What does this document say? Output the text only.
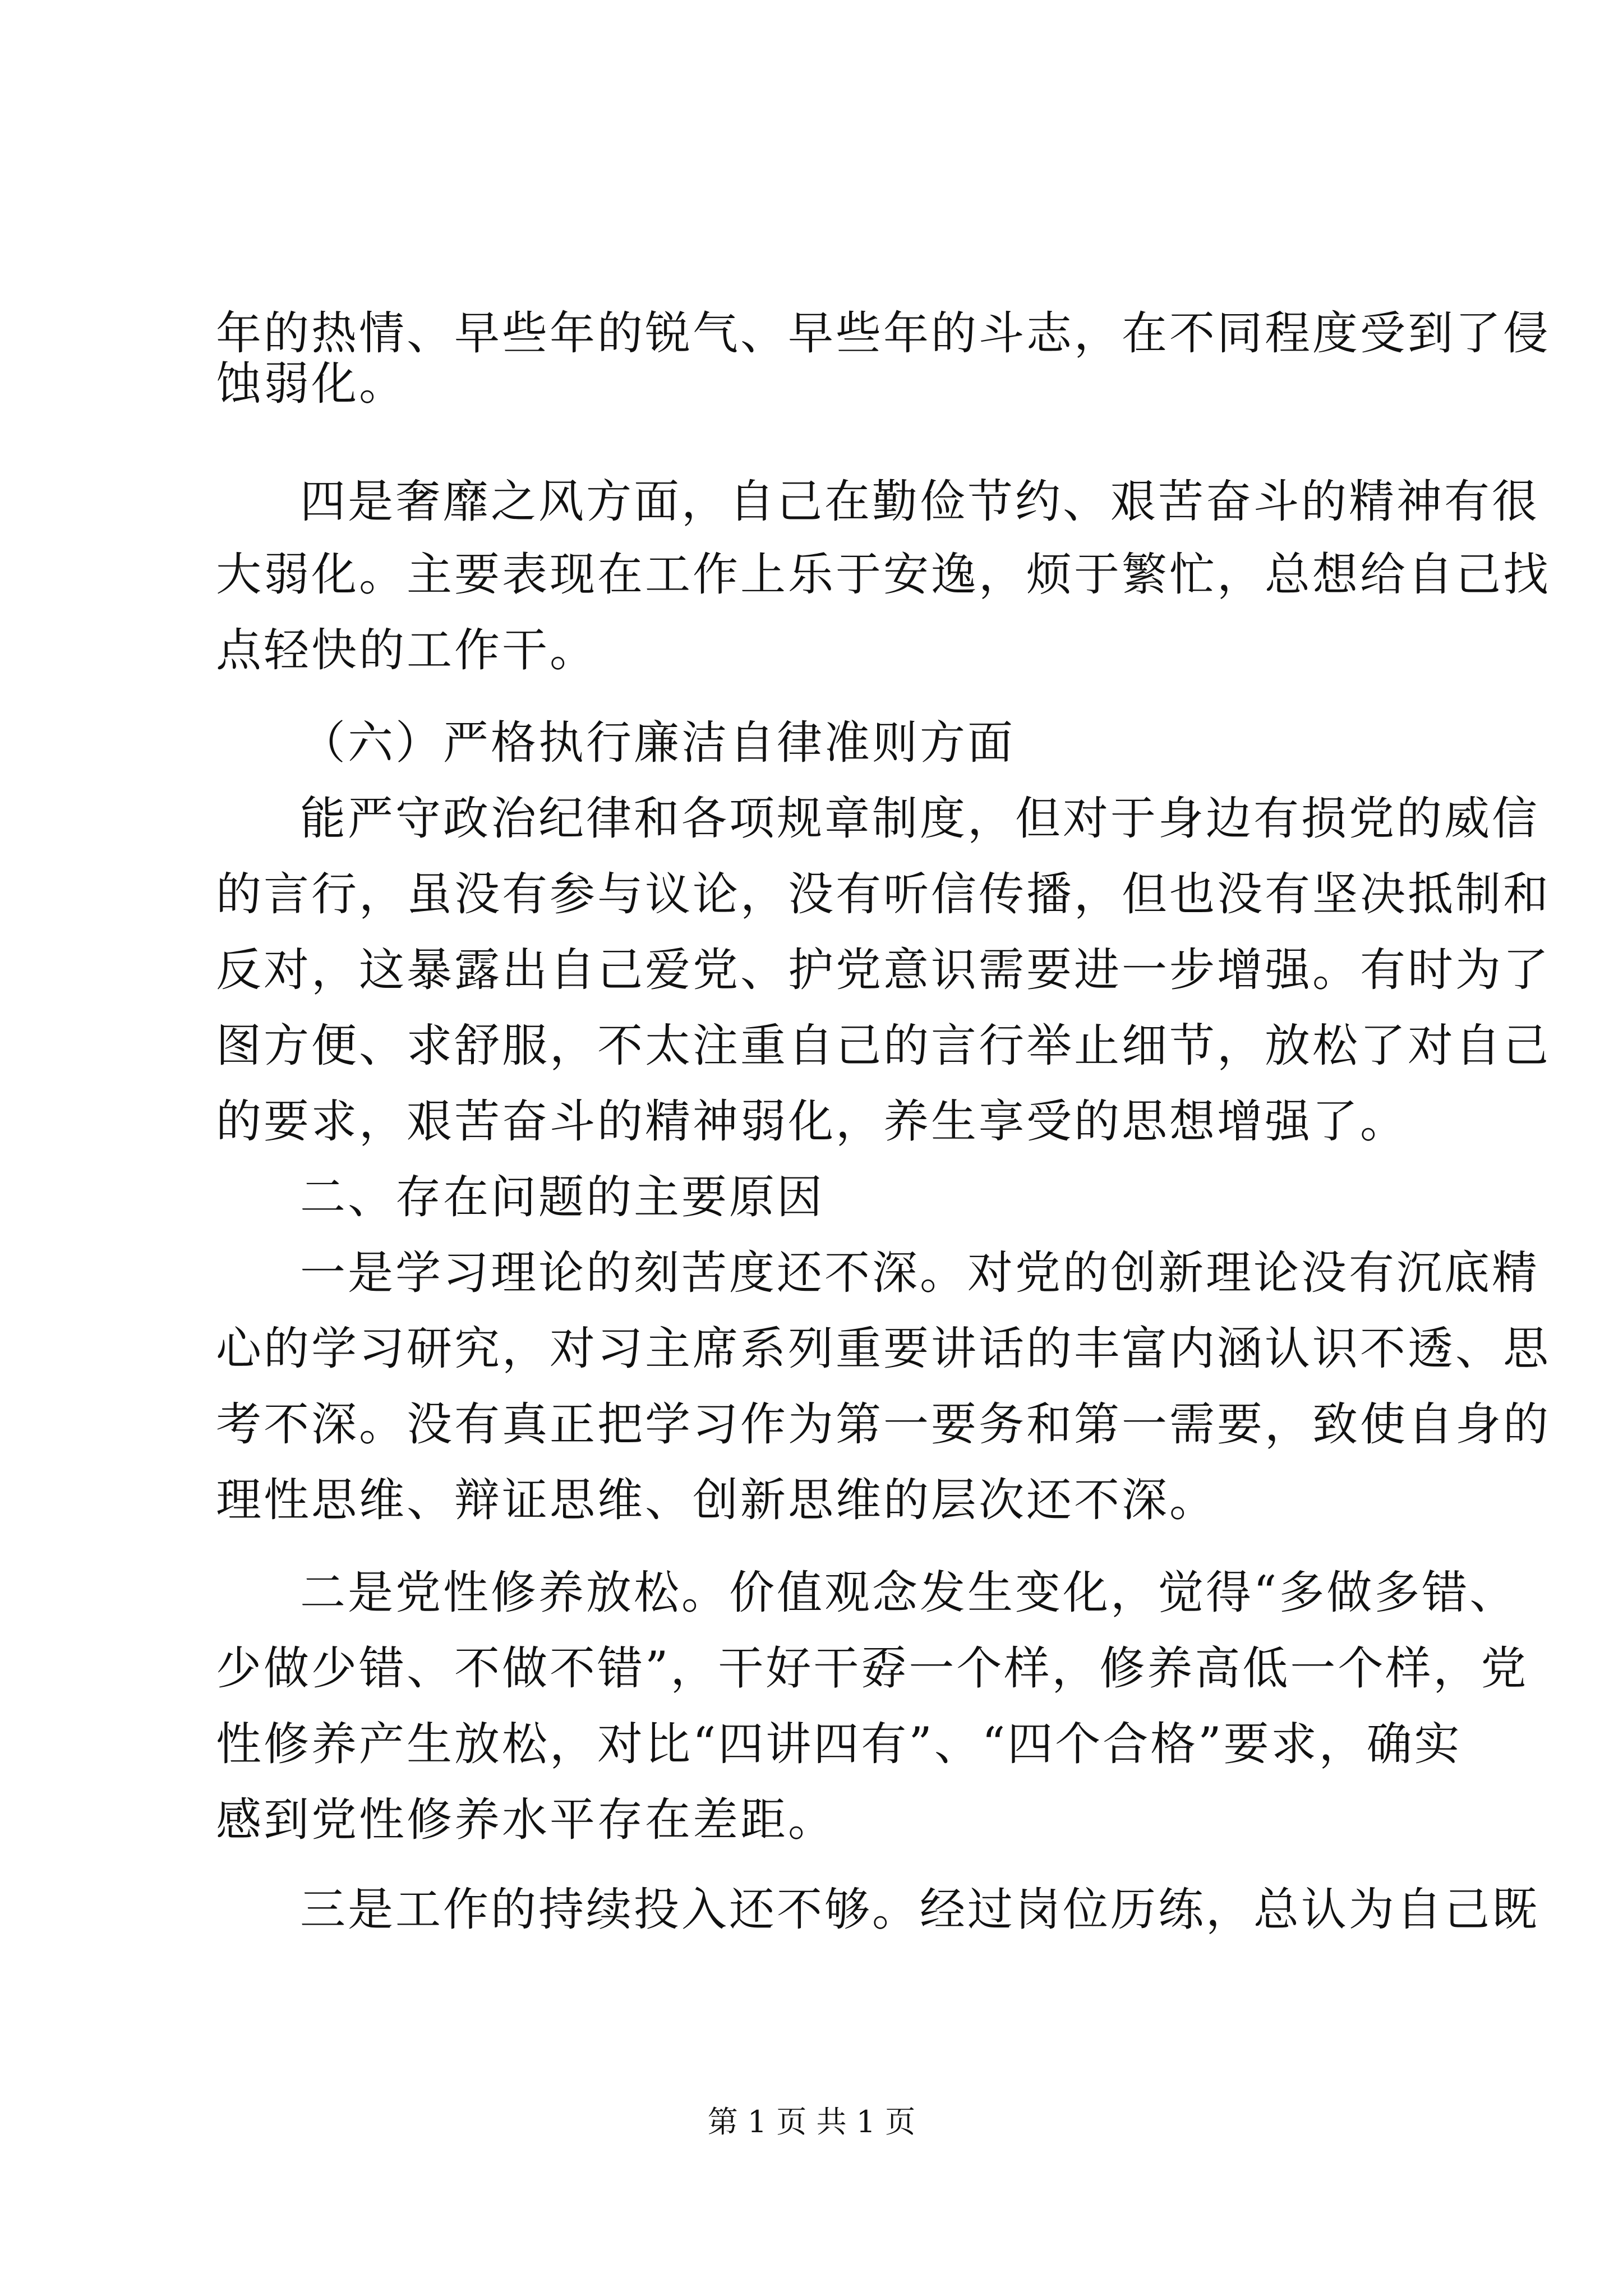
年的热情、早些年的锐气、早些年的斗志，在不同程度受到了侵
蚀弱化。
四是奢靡之风方面，自己在勤俭节约、艰苦奋斗的精神有很
大弱化。主要表现在工作上乐于安逸，烦于繁忙，总想给自己找
点轻快的工作干。
（六）严格执行廉洁自律准则方面
能严守政治纪律和各项规章制度，但对于身边有损党的威信
的言行，虽没有参与议论，没有听信传播，但也没有坚决抵制和
反对，这暴露出自己爱党、护党意识需要进一步增强。有时为了
图方便、求舒服，不太注重自己的言行举止细节，放松了对自己
的要求，艰苦奋斗的精神弱化，养生享受的思想增强了。
二、存在问题的主要原因
一是学习理论的刻苦度还不深。对党的创新理论没有沉底精
心的学习研究，对习主席系列重要讲话的丰富内涵认识不透、思
考不深。没有真正把学习作为第一要务和第一需要，致使自身的
理性思维、辩证思维、创新思维的层次还不深。
二是党性修养放松。价值观念发生变化，觉得“多做多错、
少做少错、不做不错”，干好干孬一个样，修养高低一个样，党
性修养产生放松，对比“四讲四有”、“四个合格”要求，确实
感到党性修养水平存在差距。
三是工作的持续投入还不够。经过岗位历练，总认为自己既
第 1 页 共 1 页
